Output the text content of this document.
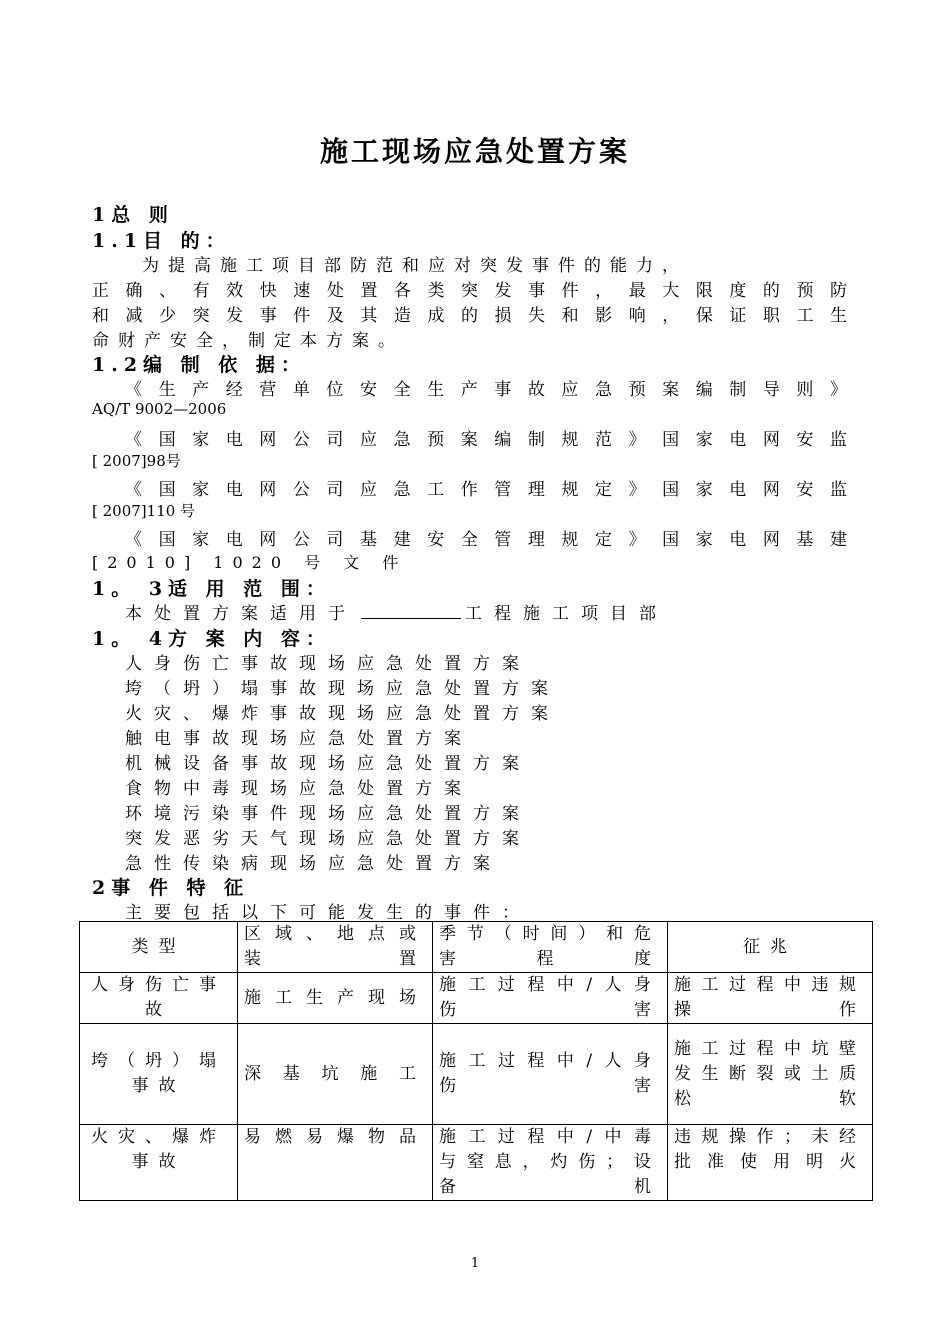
施工现场应急处置方案
1总 则
1.1目 的：
为提高施工项目部防范和应对突发事件的能力，
正确、有效快速处置各类突发事件，最大限度的预防
和减少突发事件及其造成的损失和影响，保证职工生
命财产安全，制定本方案。
1.2编 制 依 据：
《生产经营单位安全生产事故应急预案编制导则》
AQ/T 9002—2006
《国家电网公司应急预案编制规范》国家电网安监
[ 2007]98号
《国家电网公司应急工作管理规定》国家电网安监
[ 2007]110 号
《国家电网公司基建安全管理规定》国家电网基建
[2010] 1020 号 文 件
1。 3适 用 范 围：
本处置方案适用于	工程施工项目部
1。 4方 案 内 容：
人身伤亡事故现场应急处置方案
垮（坍）塌事故现场应急处置方案
火灾、爆炸事故现场应急处置方案
触电事故现场应急处置方案
机械设备事故现场应急处置方案
食物中毒现场应急处置方案
环境污染事件现场应急处置方案
突发恶劣天气现场应急处置方案
急性传染病现场应急处置方案
2事 件 特 征
主要包括以下可能发生的事件：
类型	区域、地点或装置	季节（时间）和危害程度	征兆
人身伤亡事故	施工生产现场	施工过程中/人身伤害	施工过程中违规操作
垮（坍）塌事故	深基坑施工	施工过程中/人身伤害	施工过程中坑壁发生断裂或土质松软
火灾、爆炸事故	易燃易爆物品	施工过程中/中毒与窒息，灼伤；设备机	违规操作；未经批准使用明火
1
